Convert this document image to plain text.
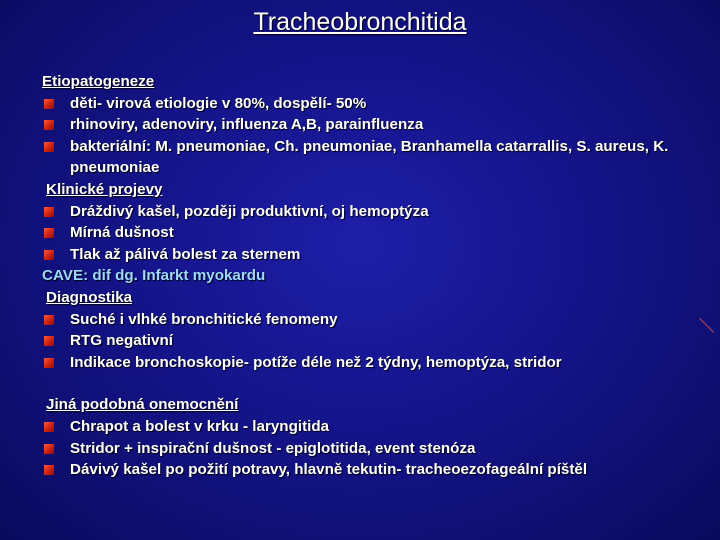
Tracheobronchitida
Etiopatogeneze
děti- virová etiologie v 80%, dospělí- 50%
rhinoviry, adenoviry, influenza A,B, parainfluenza
bakteriální: M. pneumoniae, Ch. pneumoniae, Branhamella catarrallis, S. aureus, K. pneumoniae
Klinické projevy
Dráždivý kašel, později produktivní, oj hemoptýza
Mírná dušnost
Tlak až pálivá bolest za sternem
CAVE: dif dg. Infarkt myokardu
Diagnostika
Suché i vlhké bronchitické fenomeny
RTG negativní
Indikace bronchoskopie- potíže déle než 2 týdny, hemoptýza, stridor
Jiná podobná onemocnění
Chrapot a bolest v krku - laryngitida
Stridor + inspirační dušnost - epiglotitida, event stenóza
Dávivý kašel po požití potravy, hlavně tekutin- tracheoezofageální píštěl
